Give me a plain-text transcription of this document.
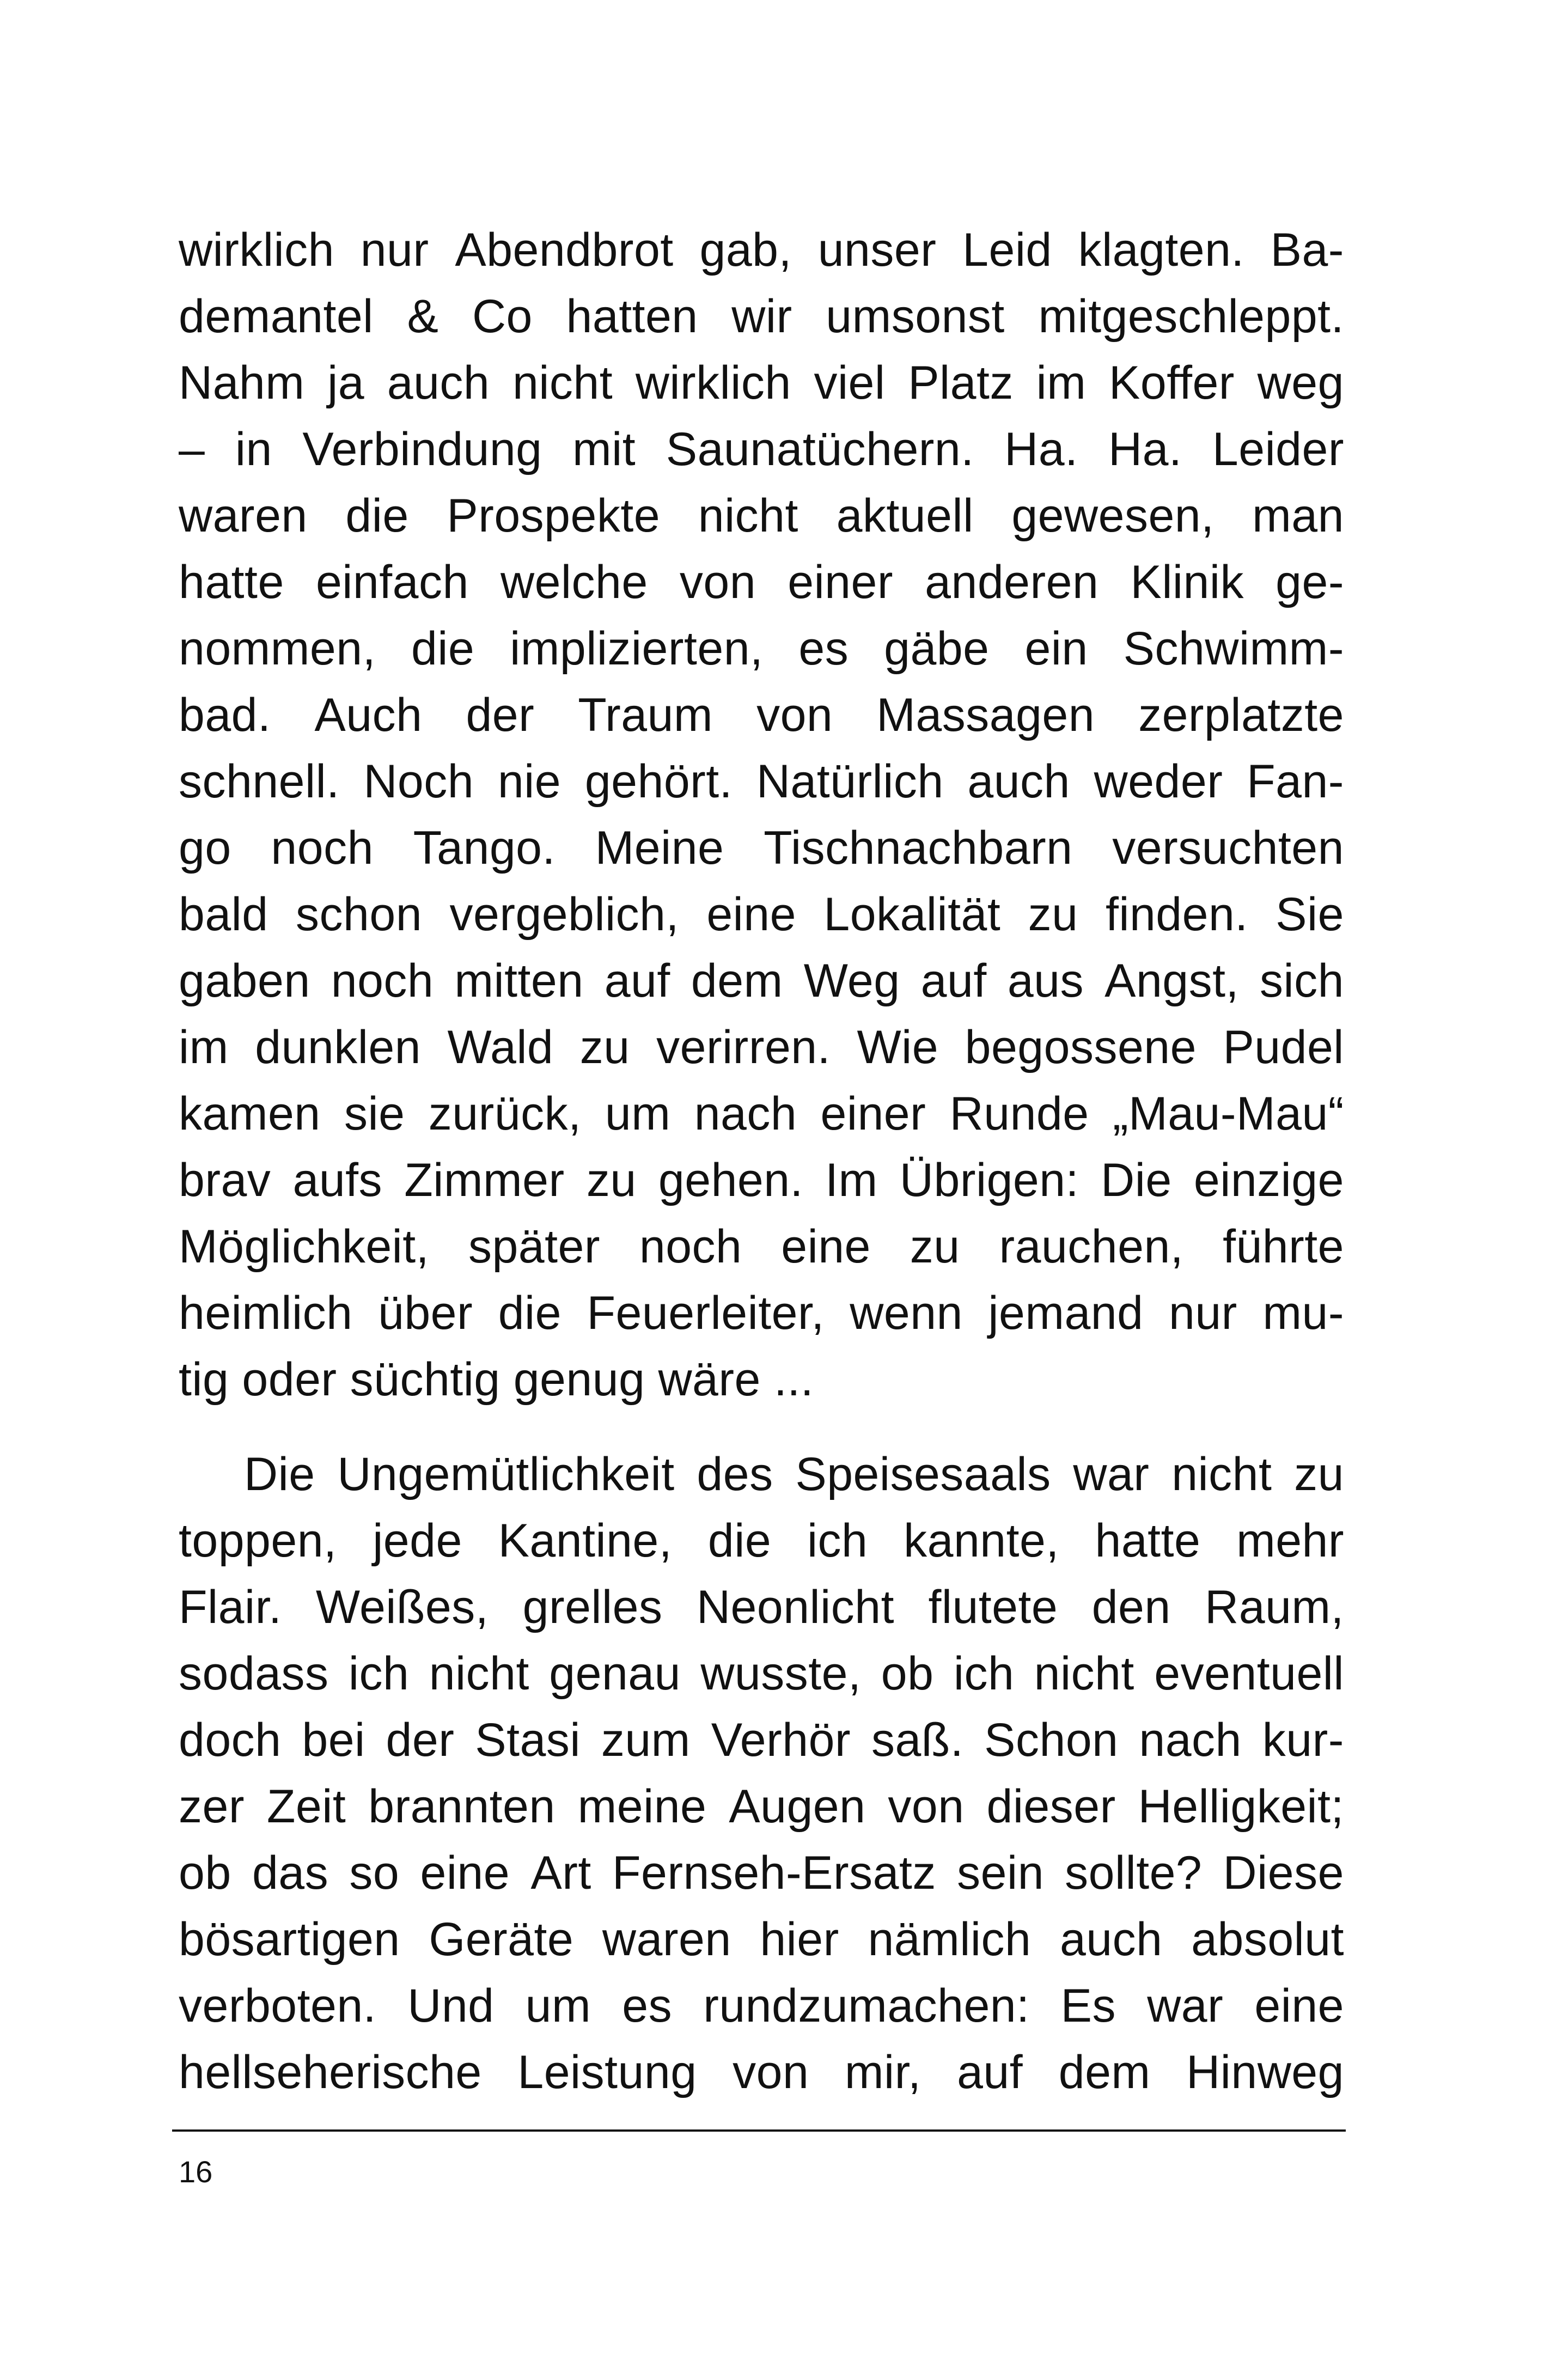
wirklich nur Abendbrot gab, unser Leid klagten. Ba-
demantel & Co hatten wir umsonst mitgeschleppt.
Nahm ja auch nicht wirklich viel Platz im Koffer weg
– in Verbindung mit Saunatüchern. Ha. Ha. Leider
waren die Prospekte nicht aktuell gewesen, man
hatte einfach welche von einer anderen Klinik ge-
nommen, die implizierten, es gäbe ein Schwimm-
bad. Auch der Traum von Massagen zerplatzte
schnell. Noch nie gehört. Natürlich auch weder Fan-
go noch Tango. Meine Tischnachbarn versuchten
bald schon vergeblich, eine Lokalität zu finden. Sie
gaben noch mitten auf dem Weg auf aus Angst, sich
im dunklen Wald zu verirren. Wie begossene Pudel
kamen sie zurück, um nach einer Runde „Mau-Mau“
brav aufs Zimmer zu gehen. Im Übrigen: Die einzige
Möglichkeit, später noch eine zu rauchen, führte
heimlich über die Feuerleiter, wenn jemand nur mu-
tig oder süchtig genug wäre ...
Die Ungemütlichkeit des Speisesaals war nicht zu
toppen, jede Kantine, die ich kannte, hatte mehr
Flair. Weißes, grelles Neonlicht flutete den Raum,
sodass ich nicht genau wusste, ob ich nicht eventuell
doch bei der Stasi zum Verhör saß. Schon nach kur-
zer Zeit brannten meine Augen von dieser Helligkeit;
ob das so eine Art Fernseh-Ersatz sein sollte? Diese
bösartigen Geräte waren hier nämlich auch absolut
verboten. Und um es rundzumachen: Es war eine
hellseherische Leistung von mir, auf dem Hinweg
16
